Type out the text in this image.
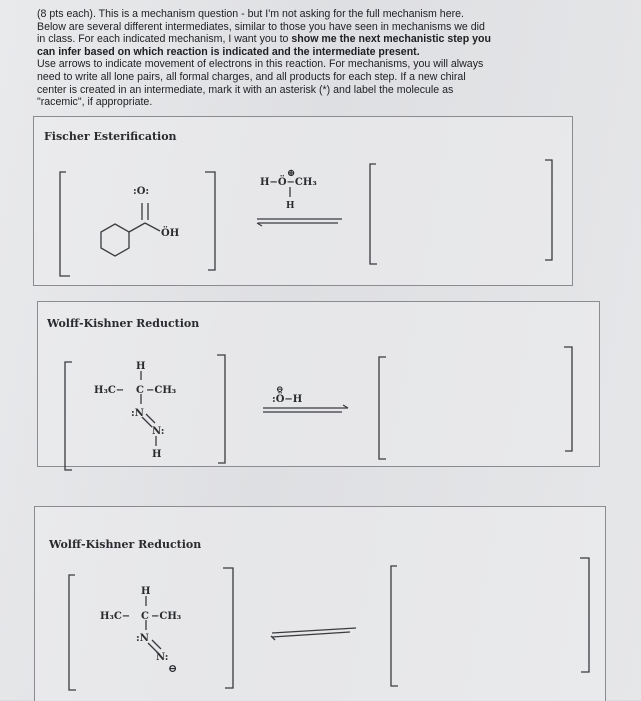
(8 pts each). This is a mechanism question - but I'm not asking for the full mechanism here.

Below are several different intermediates, similar to those you have seen in mechanisms we did

in class. For each indicated mechanism, I want you to show me the next mechanistic step you

can infer based on which reaction is indicated and the intermediate present.

Use arrows to indicate movement of electrons in this reaction. For mechanisms, you will always

need to write all lone pairs, all formal charges, and all products for each step. If a new chiral

center is created in an intermediate, mark it with an asterisk (*) and label the molecule as

"racemic", if appropriate.

Fischer Esterification
Wolff-Kishner Reduction
Wolff-Kishner Reduction
:O:
ÖH
H−Ö−CH₃
⊕
H
H
H₃C− C −CH₃
:N
N:
H
⊖
:Ö−H
H
H₃C− C −CH₃
:N
N:
⊖
